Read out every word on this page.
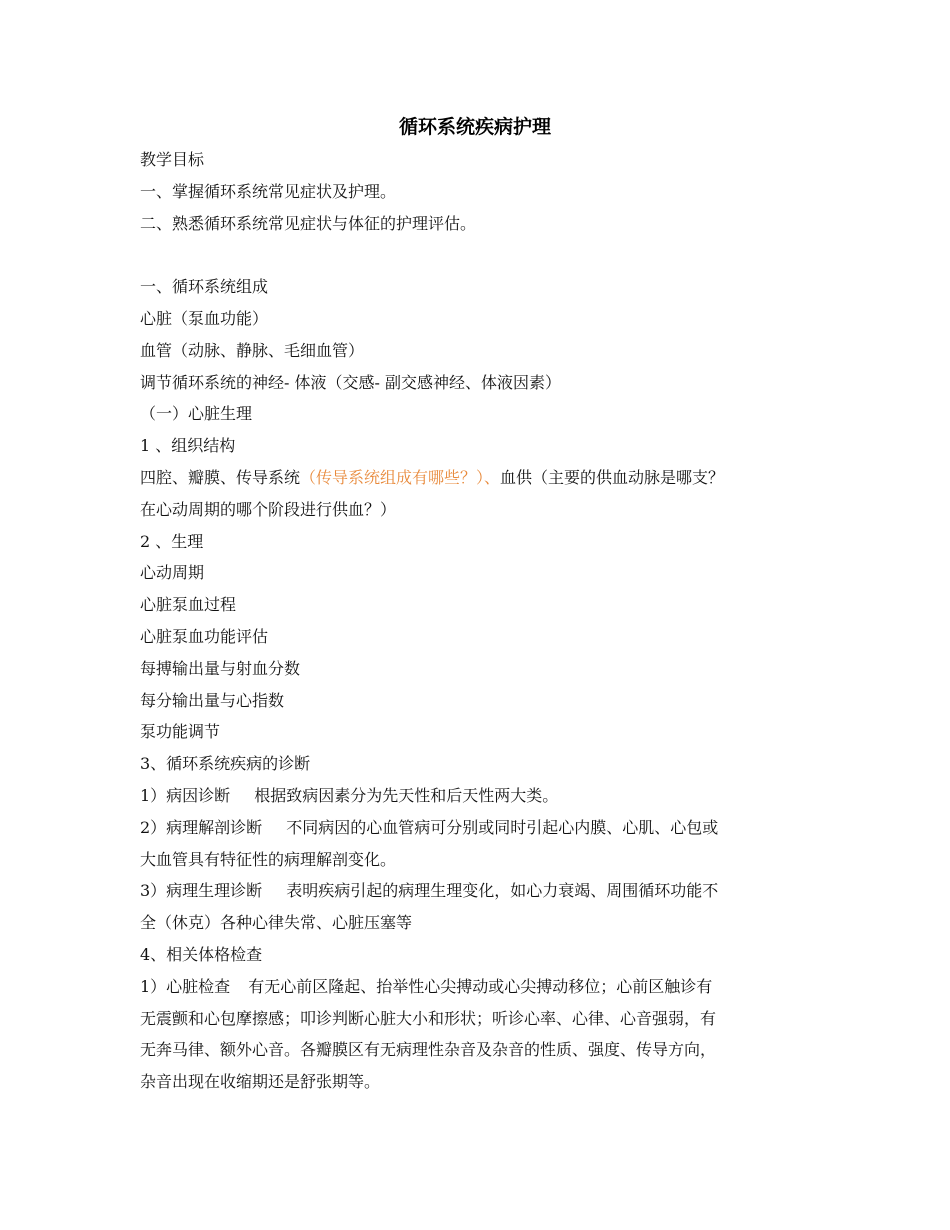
循环系统疾病护理
教学目标
一、掌握循环系统常见症状及护理。
二、熟悉循环系统常见症状与体征的护理评估。
一、循环系统组成
心脏（泵血功能）
血管（动脉、静脉、毛细血管）
调节循环系统的神经- 体液（交感- 副交感神经、体液因素）
（一）心脏生理
1 、组织结构
四腔、瓣膜、传导系统（传导系统组成有哪些？）、血供（主要的供血动脉是哪支？
在心动周期的哪个阶段进行供血？）
2 、生理
心动周期
心脏泵血过程
心脏泵血功能评估
每搏输出量与射血分数
每分输出量与心指数
泵功能调节
3、循环系统疾病的诊断
1）病因诊断 根据致病因素分为先天性和后天性两大类。
2）病理解剖诊断 不同病因的心血管病可分别或同时引起心内膜、心肌、心包或
大血管具有特征性的病理解剖变化。
3）病理生理诊断 表明疾病引起的病理生理变化，如心力衰竭、周围循环功能不
全（休克）各种心律失常、心脏压塞等
4、相关体格检查
1）心脏检查 有无心前区隆起、抬举性心尖搏动或心尖搏动移位；心前区触诊有
无震颤和心包摩擦感；叩诊判断心脏大小和形状；听诊心率、心律、心音强弱，有
无奔马律、额外心音。各瓣膜区有无病理性杂音及杂音的性质、强度、传导方向，
杂音出现在收缩期还是舒张期等。
